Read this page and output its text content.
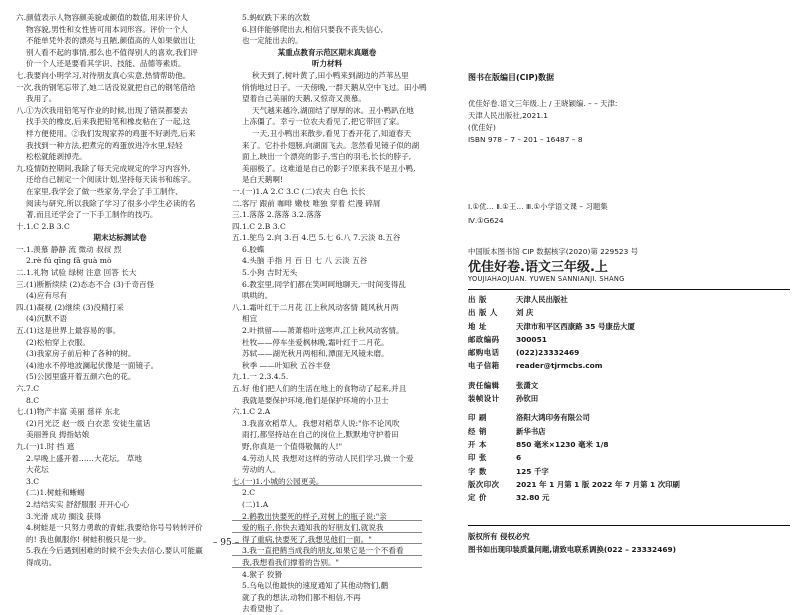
六.颜值表示人物容颜美貌或颜值的数值,用来评价人
物容貌,男性和女性皆可用本词形容。评价一个人
不能单凭外表的漂亮与丑陋,颜值高的人如果做出让
别人看不起的事情,那么也不值得别人的喜欢,我们评
价一个人还是要看其学识、技能、品德等素质。
七.我要向小明学习,对待朋友真心实意,热情帮助他。
一次,我的钢笔忘带了,她二话没说就把自己的钢笔借给
我用了。
八.①为次我用铅笔写作业的时候,出现了错误都要去
找手关的橡皮,后来我把铅笔和橡皮粘在了一起,这
样方便使用。②我们发现家养的鸡蛋不好剥壳,后来
我找到一种方法,把煮完的鸡蛋放进冷水里,轻轻
松松就能剥掉壳。
九.疫情防控期间,我除了每天完成规定的学习内容外,
还给自己制定一个阅读计划,坚持每天读书和练字。
在家里,我学会了做一些家务,学会了手工制作、
阅读与研究,所以我除了学习了很多小学生必读的名
著,而且还学会了一下手工制作的技巧。
十.1.C 2.B 3.C
期末达标测试卷
一.1.羡慕 静静 流 微动 叔叔 烈
2.rè fú qīng fǎ guà mò
二.1.礼物 试验 绿树 注意 回答 长大
三.(1)断断续续 (2)态态不合 (3)千奇百怪
(4)应有尽有
四.(1)凝视 (2)继续 (3)没精打采
(4)沉默不语
五.(1)这是世界上最容易的事。
(2)松柏穿上衣服。
(3)我家房子前后种了各种的树。
(4)池水不停地波澜起伏像是一面镜子。
(5)公园里盛开着五颜六色的花。
六.7.C
8.C
七.(1)物产丰富 美丽 慈祥 东北
(2)月光泛 赵一级 白衣悲 安徒生童话
美丽善良 拇指姑娘
九.(一)1.时 挡 遮
2.早晚上盛开着……大花坛。 草地
大花坛
3.C
(二)1.树蛙和蜥蜴
2.结结实实 舒舒服服 开开心心
3.光滑 成功 搁浅 获得
4.树蛙是一只努力勇敢的青蛙,我要给你号号转转评价
的! 我也佩服你! 树蛙积极只是一步。
5.我在今后遇到困难的时候不会失去信心,要认可能赢
得成功。
5.蚂蚁跌下来的次数
6.回伴能够爬出去,相信只要我不丧失信心,
也一定能出去的。
某重点教育示范区期末真题卷
听力材料
秋天到了,树叶黄了,田小鸭来到湖边的芦苇丛里
悄悄地过日子。一天傍晚,一群天鹅从空中飞过。田小鸭
望着自己美丽的天鹅,又惊奇又羡慕。
天气越来越冷,湖面结了厚厚的冰。丑小鸭趴在地
上冻僵了。幸亏一位农夫看见了,把它带回了家。
一天,丑小鸭出来散步,看见丁香开花了,知道春天
来了。它扑扑翅膀,向湖面飞去。忽然看见镜子似的湖
面上,映出一个漂亮的影子,雪白的羽毛,长长的脖子,
美丽极了。这难道是自己的影子?原来我不是丑小鸭,
是白天鹅啊!
一.(一)1.A 2.C 3.C (二)农夫 白色 长长
二.客厅 跟前 咖啡 嫩枝 唯独 穿着 烂漫 碎屑
三.1.落落 2.落落 3.2.落落
四.1.C 2.B 3.C
五.1.鸵鸟 2.向 3.百 4.巴 5.七 6.八 7.云淡 8.五谷
6.胶蝶
4.头脑 手指 月 百 日 七 八 云淡 五谷
5.小狗 吉时无头
6.教室里,同学们都在笑呵呵地聊天,一时间变得乱
哄哄的。
八.1.霜叶红于二月花 江上秋风动客情 随风秋月两
相宜
2.叶拱留——萧萧梧叶送寒声,江上秋风动客情。
杜牧——停车坐爱枫林晚,霜叶红于二月花。
苏轼——湖光秋月两相和,潭面无风镜未磨。
秋季 ——叶知秋 五谷丰登
九.1.一 2.3.4.5.
五.好 他们把人们的生活在地上的食物动了起来,并且
我就是要保护环境,他们是保护环境的小卫士
六.1.C 2.A
3.我喜欢稻草人。我想对稻草人说:"你不论风吹
雨打,都坚持站在自己的岗位上,默默地守护着田
野,你真是一个值得敬佩的人!"
4.劳动人民 我想对这样的劳动人民们学习,做一个爱
劳动的人。
七.(一)1.小城的公园更美。
2.C
(二)1.A
2.鹤教出快要死的样子,对树上的瓶子说:"亲
爱的瓶子,你快去通知我的好朋友们,就说我
得了重病,快要死了,我想见他们一面。"
3.我一直把鹤当成我的朋友,如果它是一个不看看
我,我想看我们撑着的告别。"
4.猴子 狡猾
5.乌龟以他最快的速度通知了其他动物们,鹳
就了我的想法,动物们都不相信,不再
去看望他了。
– 95 –
图书在版编目(CIP)数据
优佳好卷.语文三年级.上 / 王晓颖编. – – 天津:
天津人民出版社,2021.1
(优佳好)
ISBN 978 – 7 – 201 – 16487 – 8
Ⅰ.①优… Ⅱ.①王… Ⅲ.①小学语文课 – 习题集
Ⅳ.①G624
中国版本图书馆 CIP 数据核字(2020)第 229523 号
优佳好卷.语文三年级.上
YOUJIAHAOJUAN. YUWEN SANNIANJI. SHANG
出 版	天津人民出版社
出 版 人	刘 庆
地 址	天津市和平区西康路 35 号康岳大厦
邮政编码	300051
邮购电话	(022)23332469
电子信箱	reader@tjrmcbs.com
责任编辑	张潇文
装帧设计	孙钦田
印 刷	洛阳大鸿印务有限公司
经 销	新华书店
开 本	850 毫米×1230 毫米 1/8
印 张	6
字 数	125 千字
版次印次	2021 年 1 月第 1 版 2022 年 7 月第 1 次印刷
定 价	32.80 元
版权所有 侵权必究
图书如出现印装质量问题,请致电联系调换(022 – 23332469)
